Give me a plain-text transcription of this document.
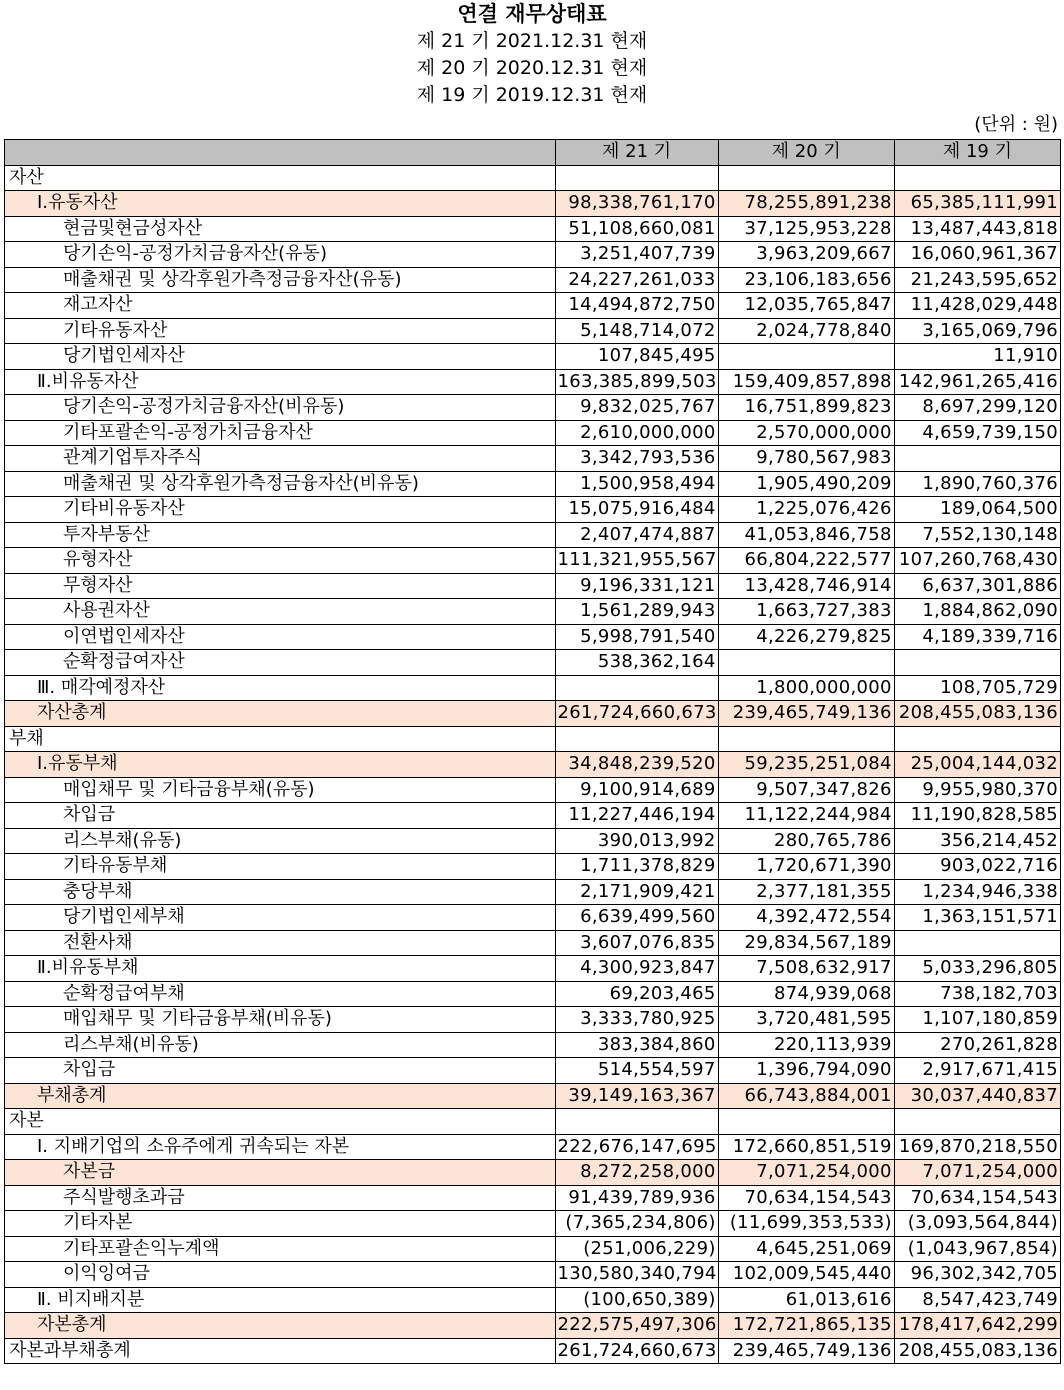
연결 재무상태표
제 21 기 2021.12.31 현재
제 20 기 2020.12.31 현재
제 19 기 2019.12.31 현재
(단위 : 원)
	제 21 기	제 20 기	제 19 기
자산			
Ⅰ.유동자산	98,338,761,170	78,255,891,238	65,385,111,991
현금및현금성자산	51,108,660,081	37,125,953,228	13,487,443,818
당기손익-공정가치금융자산(유동)	3,251,407,739	3,963,209,667	16,060,961,367
매출채권 및 상각후원가측정금융자산(유동)	24,227,261,033	23,106,183,656	21,243,595,652
재고자산	14,494,872,750	12,035,765,847	11,428,029,448
기타유동자산	5,148,714,072	2,024,778,840	3,165,069,796
당기법인세자산	107,845,495		11,910
Ⅱ.비유동자산	163,385,899,503	159,409,857,898	142,961,265,416
당기손익-공정가치금융자산(비유동)	9,832,025,767	16,751,899,823	8,697,299,120
기타포괄손익-공정가치금융자산	2,610,000,000	2,570,000,000	4,659,739,150
관계기업투자주식	3,342,793,536	9,780,567,983	
매출채권 및 상각후원가측정금융자산(비유동)	1,500,958,494	1,905,490,209	1,890,760,376
기타비유동자산	15,075,916,484	1,225,076,426	189,064,500
투자부동산	2,407,474,887	41,053,846,758	7,552,130,148
유형자산	111,321,955,567	66,804,222,577	107,260,768,430
무형자산	9,196,331,121	13,428,746,914	6,637,301,886
사용권자산	1,561,289,943	1,663,727,383	1,884,862,090
이연법인세자산	5,998,791,540	4,226,279,825	4,189,339,716
순확정급여자산	538,362,164		
Ⅲ. 매각예정자산		1,800,000,000	108,705,729
자산총계	261,724,660,673	239,465,749,136	208,455,083,136
부채			
Ⅰ.유동부채	34,848,239,520	59,235,251,084	25,004,144,032
매입채무 및 기타금융부채(유동)	9,100,914,689	9,507,347,826	9,955,980,370
차입금	11,227,446,194	11,122,244,984	11,190,828,585
리스부채(유동)	390,013,992	280,765,786	356,214,452
기타유동부채	1,711,378,829	1,720,671,390	903,022,716
충당부채	2,171,909,421	2,377,181,355	1,234,946,338
당기법인세부채	6,639,499,560	4,392,472,554	1,363,151,571
전환사채	3,607,076,835	29,834,567,189	
Ⅱ.비유동부채	4,300,923,847	7,508,632,917	5,033,296,805
순확정급여부채	69,203,465	874,939,068	738,182,703
매입채무 및 기타금융부채(비유동)	3,333,780,925	3,720,481,595	1,107,180,859
리스부채(비유동)	383,384,860	220,113,939	270,261,828
차입금	514,554,597	1,396,794,090	2,917,671,415
부채총계	39,149,163,367	66,743,884,001	30,037,440,837
자본			
Ⅰ. 지배기업의 소유주에게 귀속되는 자본	222,676,147,695	172,660,851,519	169,870,218,550
자본금	8,272,258,000	7,071,254,000	7,071,254,000
주식발행초과금	91,439,789,936	70,634,154,543	70,634,154,543
기타자본	(7,365,234,806)	(11,699,353,533)	(3,093,564,844)
기타포괄손익누계액	(251,006,229)	4,645,251,069	(1,043,967,854)
이익잉여금	130,580,340,794	102,009,545,440	96,302,342,705
Ⅱ. 비지배지분	(100,650,389)	61,013,616	8,547,423,749
자본총계	222,575,497,306	172,721,865,135	178,417,642,299
자본과부채총계	261,724,660,673	239,465,749,136	208,455,083,136
